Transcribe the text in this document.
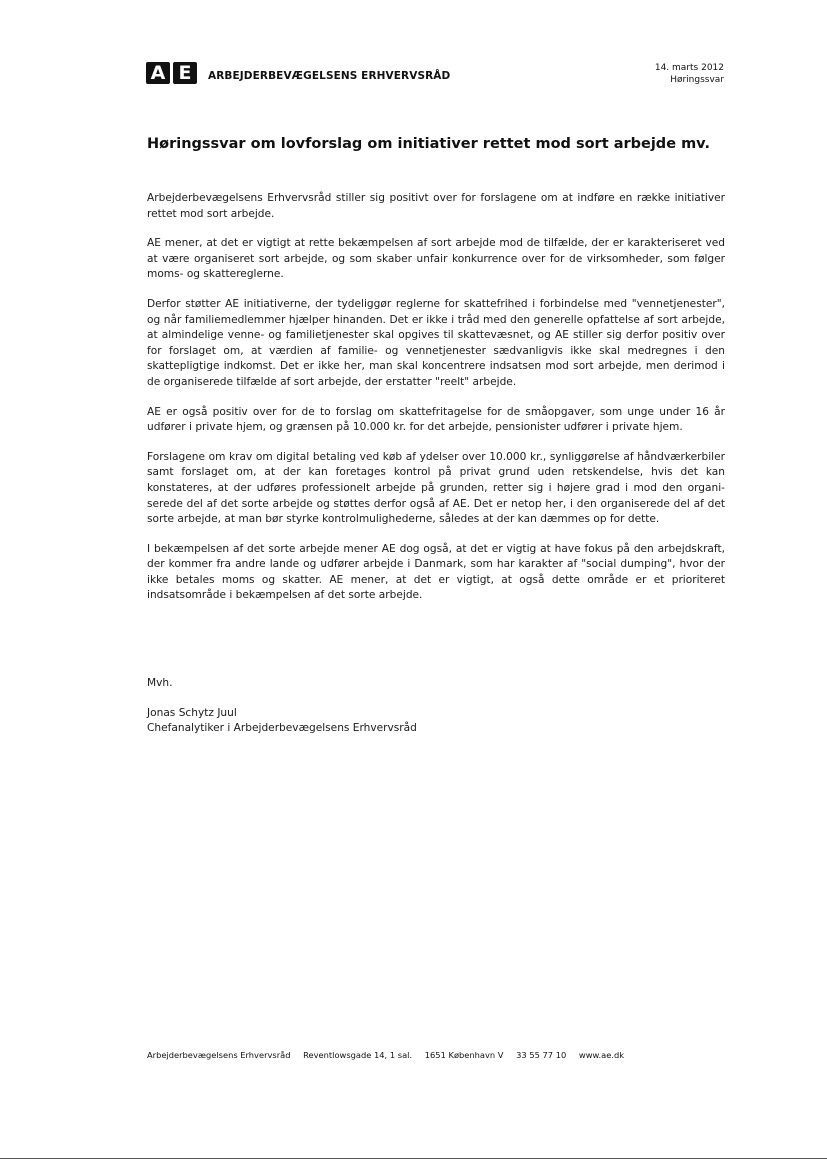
A E	ARBEJDERBEVÆGELSENS ERHVERVSRÅD
14. marts 2012
Høringssvar
Høringssvar om lovforslag om initiativer rettet mod sort arbejde mv.

Arbejderbevægelsens Erhvervsråd stiller sig positivt over for forslagene om at indføre en række initiativer rettet mod sort arbejde.

AE mener, at det er vigtigt at rette bekæmpelsen af sort arbejde mod de tilfælde, der er karakteriseret ved at være organiseret sort arbejde, og som skaber unfair konkurrence over for de virksomheder, som følger moms- og skattereglerne.

Derfor støtter AE initiativerne, der tydeliggør reglerne for skattefrihed i forbindelse med "vennetjenester", og når familiemedlemmer hjælper hinanden. Det er ikke i tråd med den generelle opfattelse af sort arbejde, at almindelige venne- og familietjenester skal opgives til skattevæsnet, og AE stiller sig derfor positiv over for forslaget om, at værdien af familie- og vennetjenester sædvanligvis ikke skal medregnes i den skattepligtige indkomst. Det er ikke her, man skal koncentrere indsatsen mod sort arbejde, men derimod i de organiserede tilfælde af sort arbejde, der erstatter "reelt" arbejde.

AE er også positiv over for de to forslag om skattefritagelse for de småopgaver, som unge under 16 år udfører i private hjem, og grænsen på 10.000 kr. for det arbejde, pensionister udfører i private hjem.

Forslagene om krav om digital betaling ved køb af ydelser over 10.000 kr., synliggørelse af håndværkerbiler samt forslaget om, at der kan foretages kontrol på privat grund uden retskendelse, hvis det kan konstateres, at der udføres professionelt arbejde på grunden, retter sig i højere grad i mod den organiserede del af det sorte arbejde og støttes derfor også af AE. Det er netop her, i den organiserede del af det sorte arbejde, at man bør styrke kontrolmulighederne, således at der kan dæmmes op for dette.

I bekæmpelsen af det sorte arbejde mener AE dog også, at det er vigtig at have fokus på den arbejdskraft, der kommer fra andre lande og udfører arbejde i Danmark, som har karakter af "social dumping", hvor der ikke betales moms og skatter. AE mener, at det er vigtigt, at også dette område er et prioriteret indsatsområde i bekæmpelsen af det sorte arbejde.

Mvh.
Jonas Schytz Juul
Chefanalytiker i Arbejderbevægelsens Erhvervsråd
Arbejderbevægelsens Erhvervsråd Reventlowsgade 14, 1 sal. 1651 København V 33 55 77 10 www.ae.dk
